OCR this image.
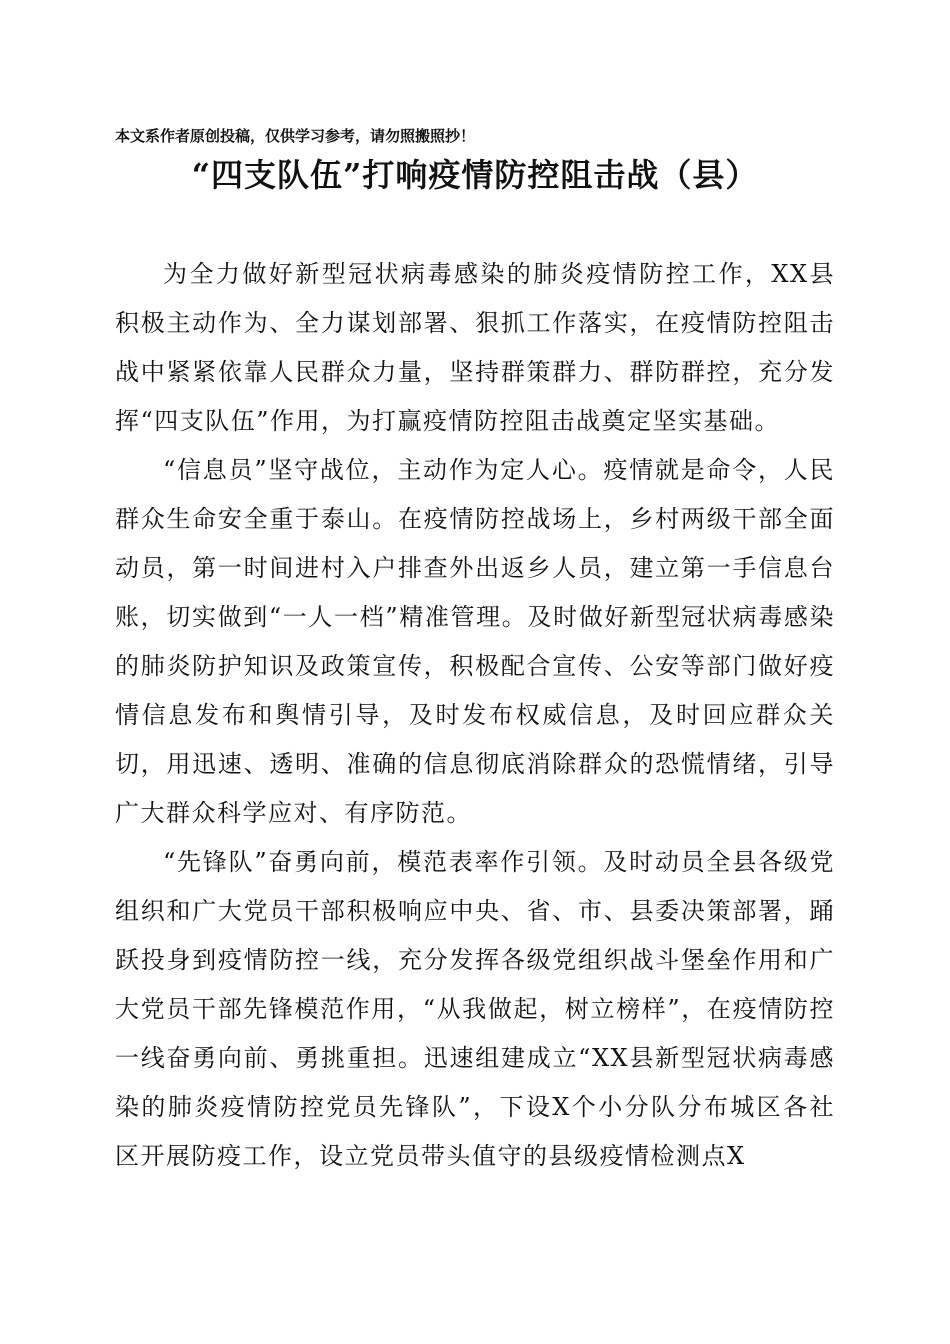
本文系作者原创投稿，仅供学习参考，请勿照搬照抄！
“四支队伍”打响疫情防控阻击战（县）

为全力做好新型冠状病毒感染的肺炎疫情防控工作，XX县积极主动作为、全力谋划部署、狠抓工作落实，在疫情防控阻击战中紧紧依靠人民群众力量，坚持群策群力、群防群控，充分发挥“四支队伍”作用，为打赢疫情防控阻击战奠定坚实基础。

“信息员”坚守战位，主动作为定人心。疫情就是命令，人民群众生命安全重于泰山。在疫情防控战场上，乡村两级干部全面动员，第一时间进村入户排查外出返乡人员，建立第一手信息台账，切实做到“一人一档”精准管理。及时做好新型冠状病毒感染的肺炎防护知识及政策宣传，积极配合宣传、公安等部门做好疫情信息发布和舆情引导，及时发布权威信息，及时回应群众关切，用迅速、透明、准确的信息彻底消除群众的恐慌情绪，引导广大群众科学应对、有序防范。

“先锋队”奋勇向前，模范表率作引领。及时动员全县各级党组织和广大党员干部积极响应中央、省、市、县委决策部署，踊跃投身到疫情防控一线，充分发挥各级党组织战斗堡垒作用和广大党员干部先锋模范作用，“从我做起，树立榜样”，在疫情防控一线奋勇向前、勇挑重担。迅速组建成立“XX县新型冠状病毒感染的肺炎疫情防控党员先锋队”，下设X个小分队分布城区各社区开展防疫工作，设立党员带头值守的县级疫情检测点X
